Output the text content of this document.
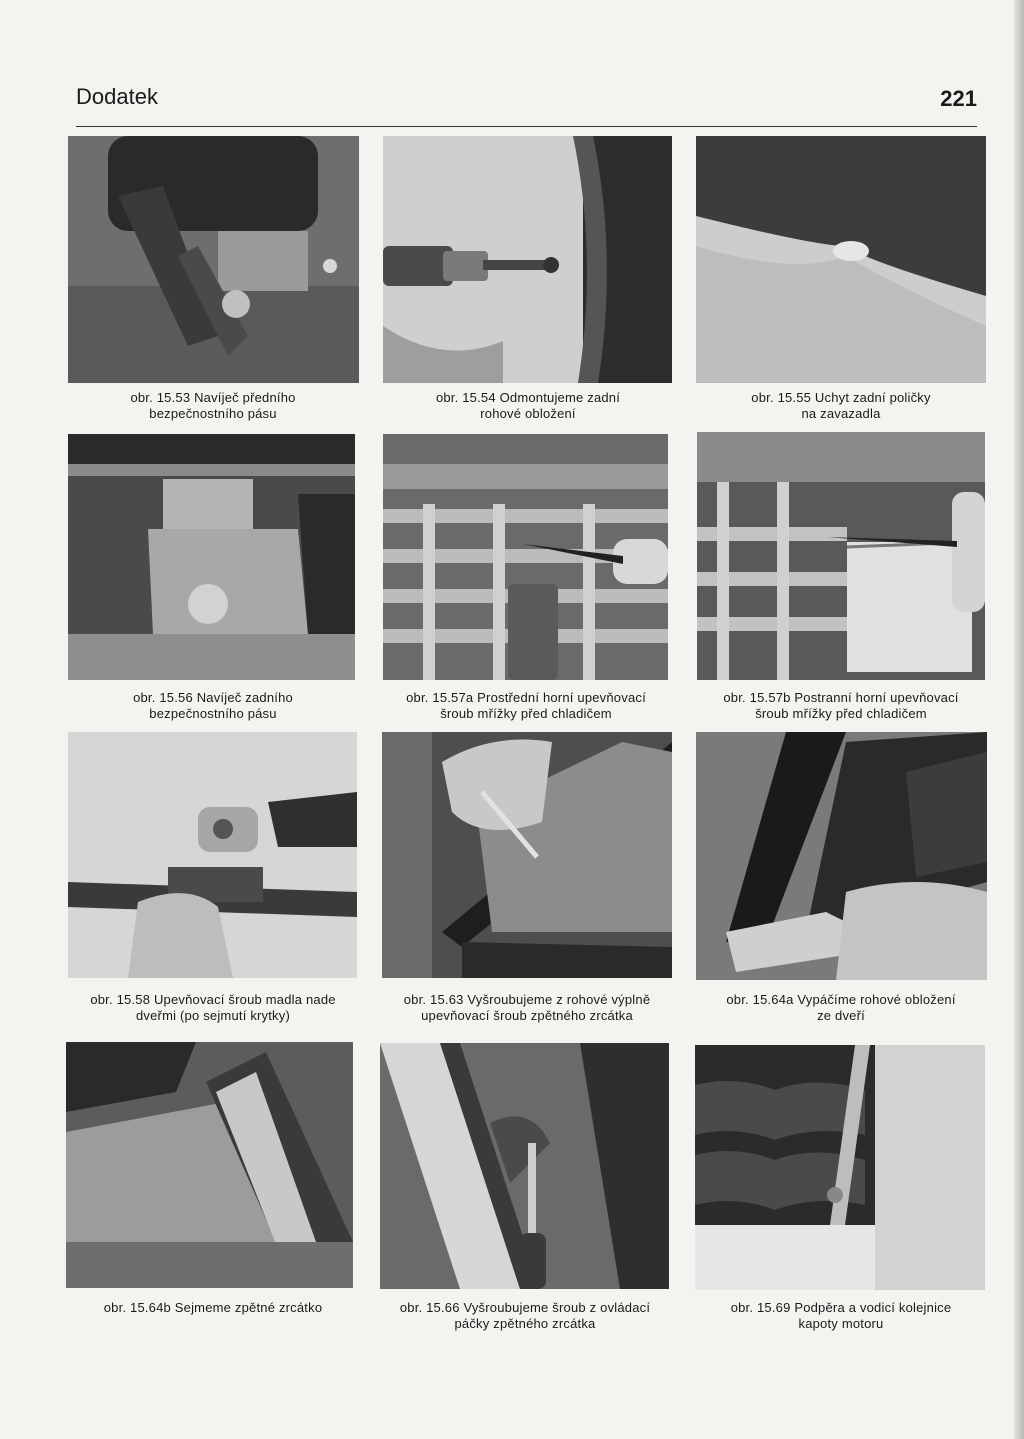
Dodatek	221
obr. 15.53 Navíječ předního
bezpečnostního pásu
obr. 15.54 Odmontujeme zadní
rohové obložení
obr. 15.55 Uchyt zadní poličky
na zavazadla
obr. 15.56 Navíječ zadního
bezpečnostního pásu
obr. 15.57a Prostřední horní upevňovací
šroub mřížky před chladičem
obr. 15.57b Postranní horní upevňovací
šroub mřížky před chladičem
obr. 15.58 Upevňovací šroub madla nade
dveřmi (po sejmutí krytky)
obr. 15.63 Vyšroubujeme z rohové výplně
upevňovací šroub zpětného zrcátka
obr. 15.64a Vypáčíme rohové obložení
ze dveří
obr. 15.64b Sejmeme zpětné zrcátko	obr. 15.66 Vyšroubujeme šroub z ovládací
páčky zpětného zrcátka
obr. 15.69 Podpěra a vodicí kolejnice
kapoty motoru
